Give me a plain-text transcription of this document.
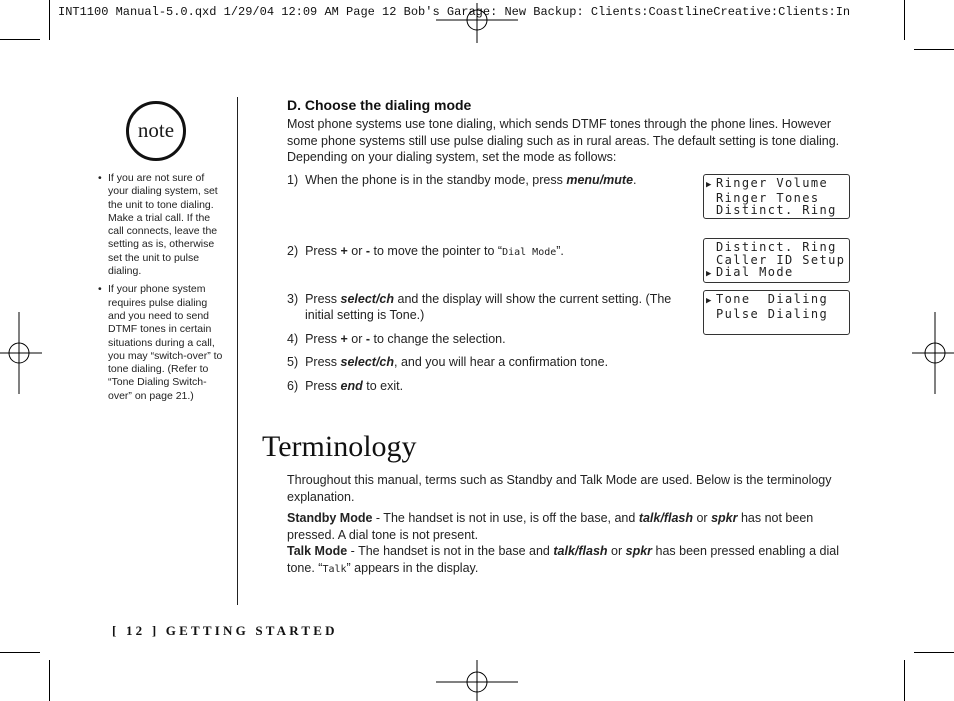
INT1100 Manual-5.0.qxd 1/29/04 12:09 AM Page 12 Bob's Garage: New Backup: Clients:CoastlineCreative:Clients:In
note
• If you are not sure of your dialing system, set the unit to tone dialing. Make a trial call. If the call connects, leave the setting as is, otherwise set the unit to pulse dialing.
• If your phone system requires pulse dialing and you need to send DTMF tones in certain situations during a call, you may “switch-over” to tone dialing. (Refer to “Tone Dialing Switch-over” on page 21.)
D. Choose the dialing mode
Most phone systems use tone dialing, which sends DTMF tones through the phone lines. However some phone systems still use pulse dialing such as in rural areas. The default setting is tone dialing. Depending on your dialing system, set the mode as follows:
1) When the phone is in the standby mode, press menu/mute.
2) Press + or - to move the pointer to “Dial Mode”.
3) Press select/ch and the display will show the current setting. (The
initial setting is Tone.)
4) Press + or - to change the selection.
5) Press select/ch, and you will hear a confirmation tone.
6) Press end to exit.
▶ Ringer Volume
Ringer Tones
Distinct. Ring
Distinct. Ring
Caller ID Setup
▶ Dial Mode
▶ Tone  Dialing
Pulse Dialing
Terminology
Throughout this manual, terms such as Standby and Talk Mode are used. Below is the terminology explanation.
Standby Mode - The handset is not in use, is off the base, and talk/flash or spkr has not been pressed. A dial tone is not present.
Talk Mode - The handset is not in the base and talk/flash or spkr has been pressed enabling a dial tone. “Talk” appears in the display.
[ 12 ] GETTING STARTED
